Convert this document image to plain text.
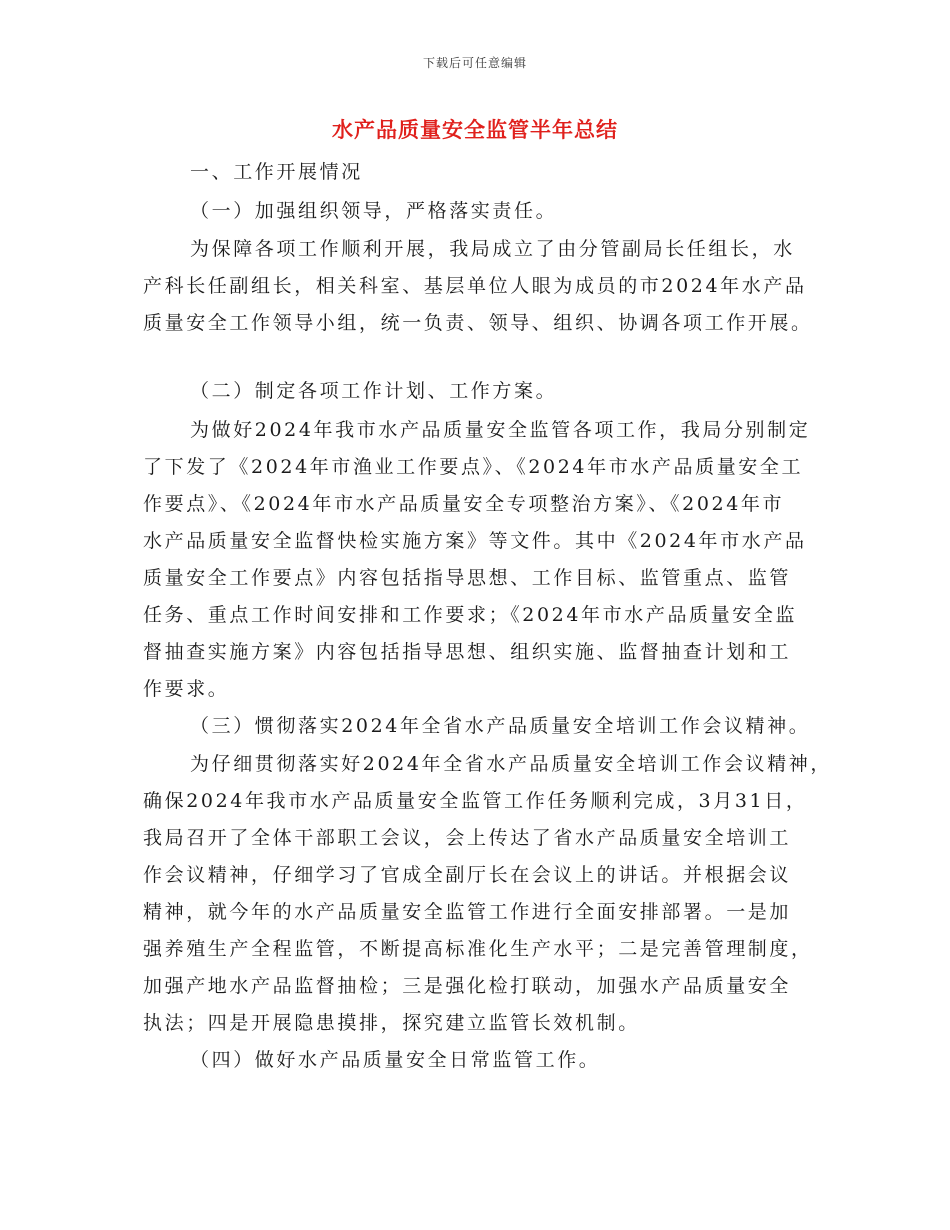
下载后可任意编辑
水产品质量安全监管半年总结
一、工作开展情况
（一）加强组织领导，严格落实责任。
为保障各项工作顺利开展，我局成立了由分管副局长任组长，水
产科长任副组长，相关科室、基层单位人眼为成员的市2024年水产品
质量安全工作领导小组，统一负责、领导、组织、协调各项工作开展。
（二）制定各项工作计划、工作方案。
为做好2024年我市水产品质量安全监管各项工作，我局分别制定
了下发了《2024年市渔业工作要点》、《2024年市水产品质量安全工
作要点》、《2024年市水产品质量安全专项整治方案》、《2024年市
水产品质量安全监督快检实施方案》等文件。其中《2024年市水产品
质量安全工作要点》内容包括指导思想、工作目标、监管重点、监管
任务、重点工作时间安排和工作要求；《2024年市水产品质量安全监
督抽查实施方案》内容包括指导思想、组织实施、监督抽查计划和工
作要求。
（三）惯彻落实2024年全省水产品质量安全培训工作会议精神。
为仔细贯彻落实好2024年全省水产品质量安全培训工作会议精神，
确保2024年我市水产品质量安全监管工作任务顺利完成，3月31日，
我局召开了全体干部职工会议，会上传达了省水产品质量安全培训工
作会议精神，仔细学习了官成全副厅长在会议上的讲话。并根据会议
精神，就今年的水产品质量安全监管工作进行全面安排部署。一是加
强养殖生产全程监管，不断提高标准化生产水平；二是完善管理制度，
加强产地水产品监督抽检；三是强化检打联动，加强水产品质量安全
执法；四是开展隐患摸排，探究建立监管长效机制。
（四）做好水产品质量安全日常监管工作。
